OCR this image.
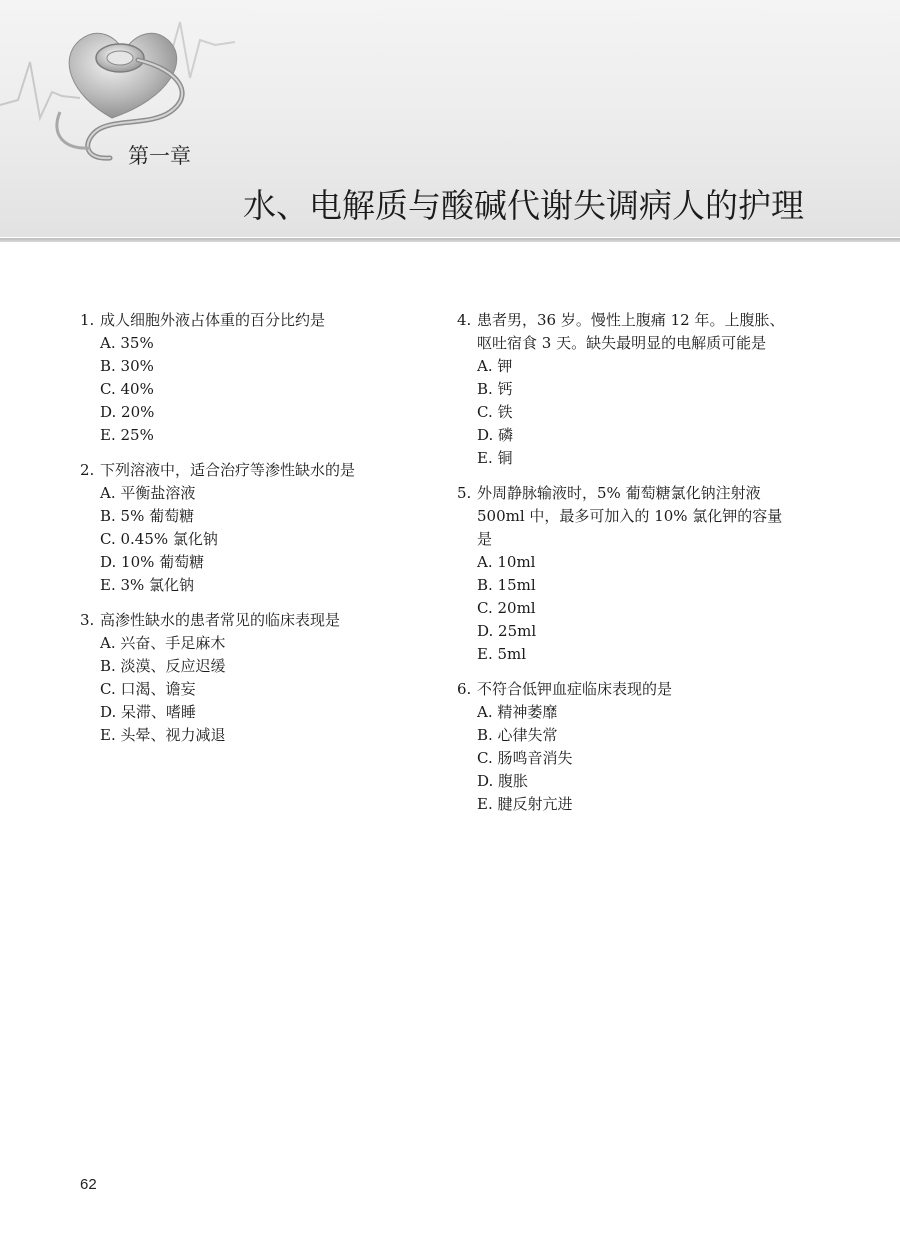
第一章
水、电解质与酸碱代谢失调病人的护理
1. 成人细胞外液占体重的百分比约是
A. 35%
B. 30%
C. 40%
D. 20%
E. 25%
2. 下列溶液中，适合治疗等渗性缺水的是
A. 平衡盐溶液
B. 5% 葡萄糖
C. 0.45% 氯化钠
D. 10% 葡萄糖
E. 3% 氯化钠
3. 高渗性缺水的患者常见的临床表现是
A. 兴奋、手足麻木
B. 淡漠、反应迟缓
C. 口渴、谵妄
D. 呆滞、嗜睡
E. 头晕、视力减退
4. 患者男，36 岁。慢性上腹痛 12 年。上腹胀、呕吐宿食 3 天。缺失最明显的电解质可能是
A. 钾
B. 钙
C. 铁
D. 磷
E. 铜
5. 外周静脉输液时，5% 葡萄糖氯化钠注射液 500ml 中，最多可加入的 10% 氯化钾的容量是
A. 10ml
B. 15ml
C. 20ml
D. 25ml
E. 5ml
6. 不符合低钾血症临床表现的是
A. 精神萎靡
B. 心律失常
C. 肠鸣音消失
D. 腹胀
E. 腱反射亢进
62
